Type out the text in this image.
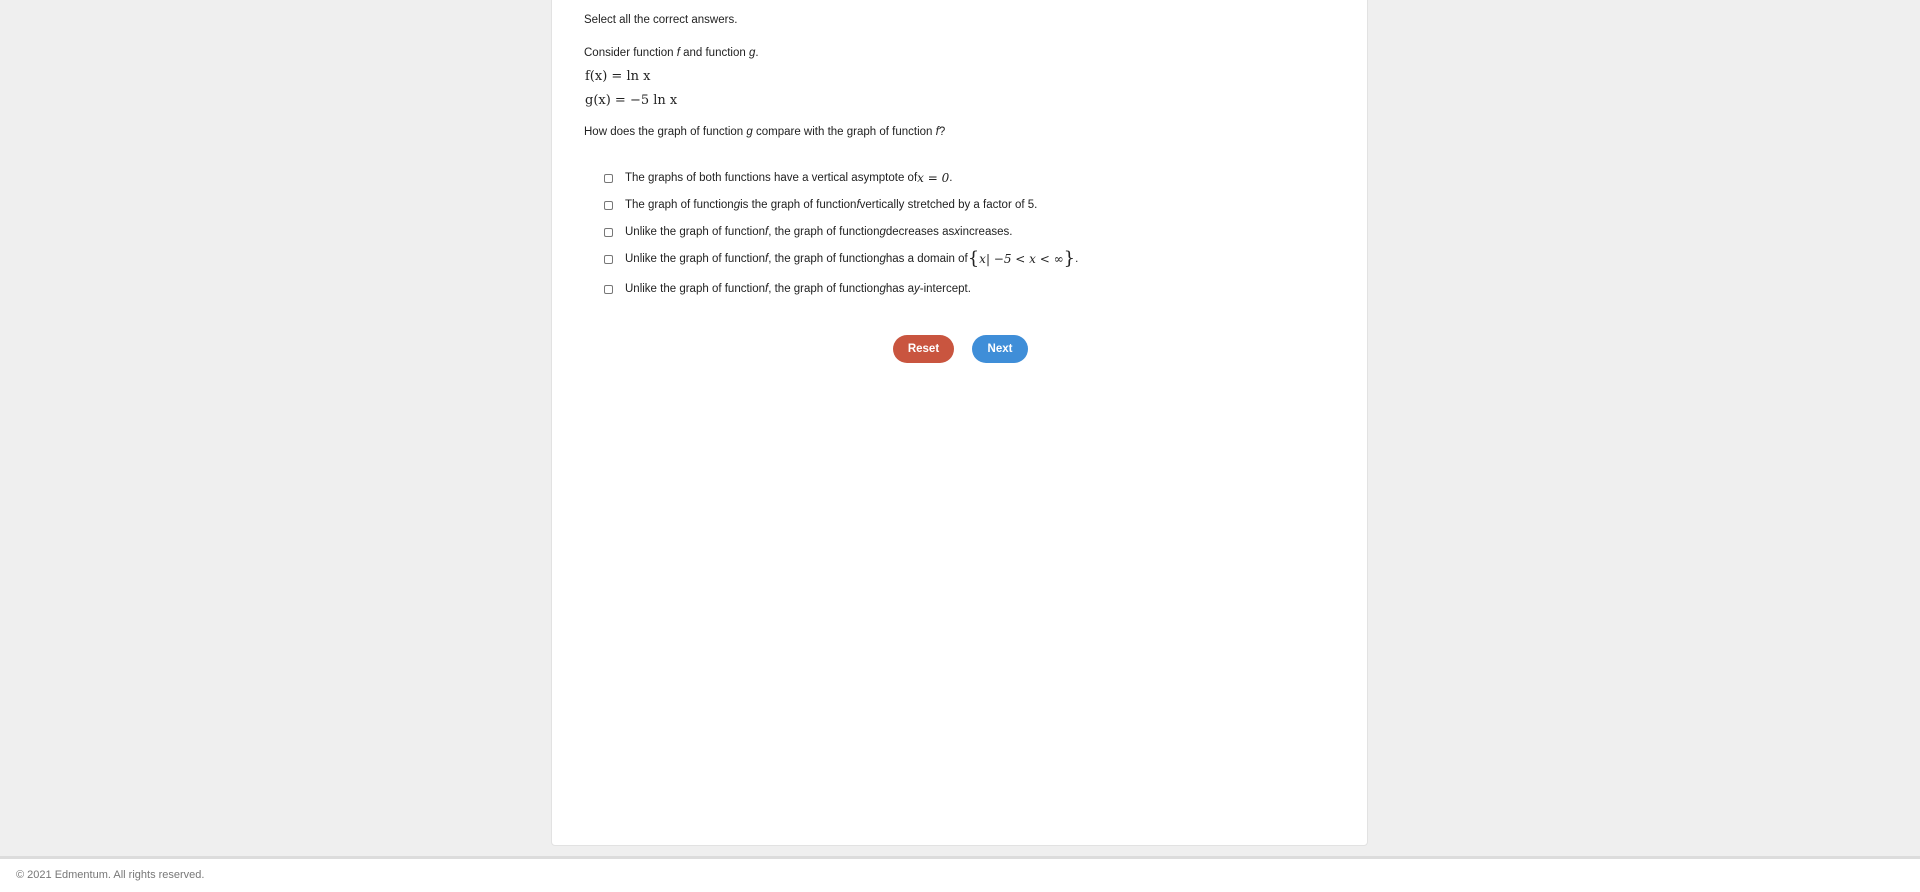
Select all the correct answers.
Consider function f and function g.
f(x) = ln x
g(x) = −5 ln x
How does the graph of function g compare with the graph of function f?
The graphs of both functions have a vertical asymptote of x = 0 .
The graph of function g is the graph of function f vertically stretched by a factor of 5.
Unlike the graph of function f , the graph of function g decreases as x increases.
Unlike the graph of function f , the graph of function g has a domain of { x| −5 < x < ∞ } .
Unlike the graph of function f , the graph of function g has a y -intercept.
Reset	Next
© 2021 Edmentum. All rights reserved.
